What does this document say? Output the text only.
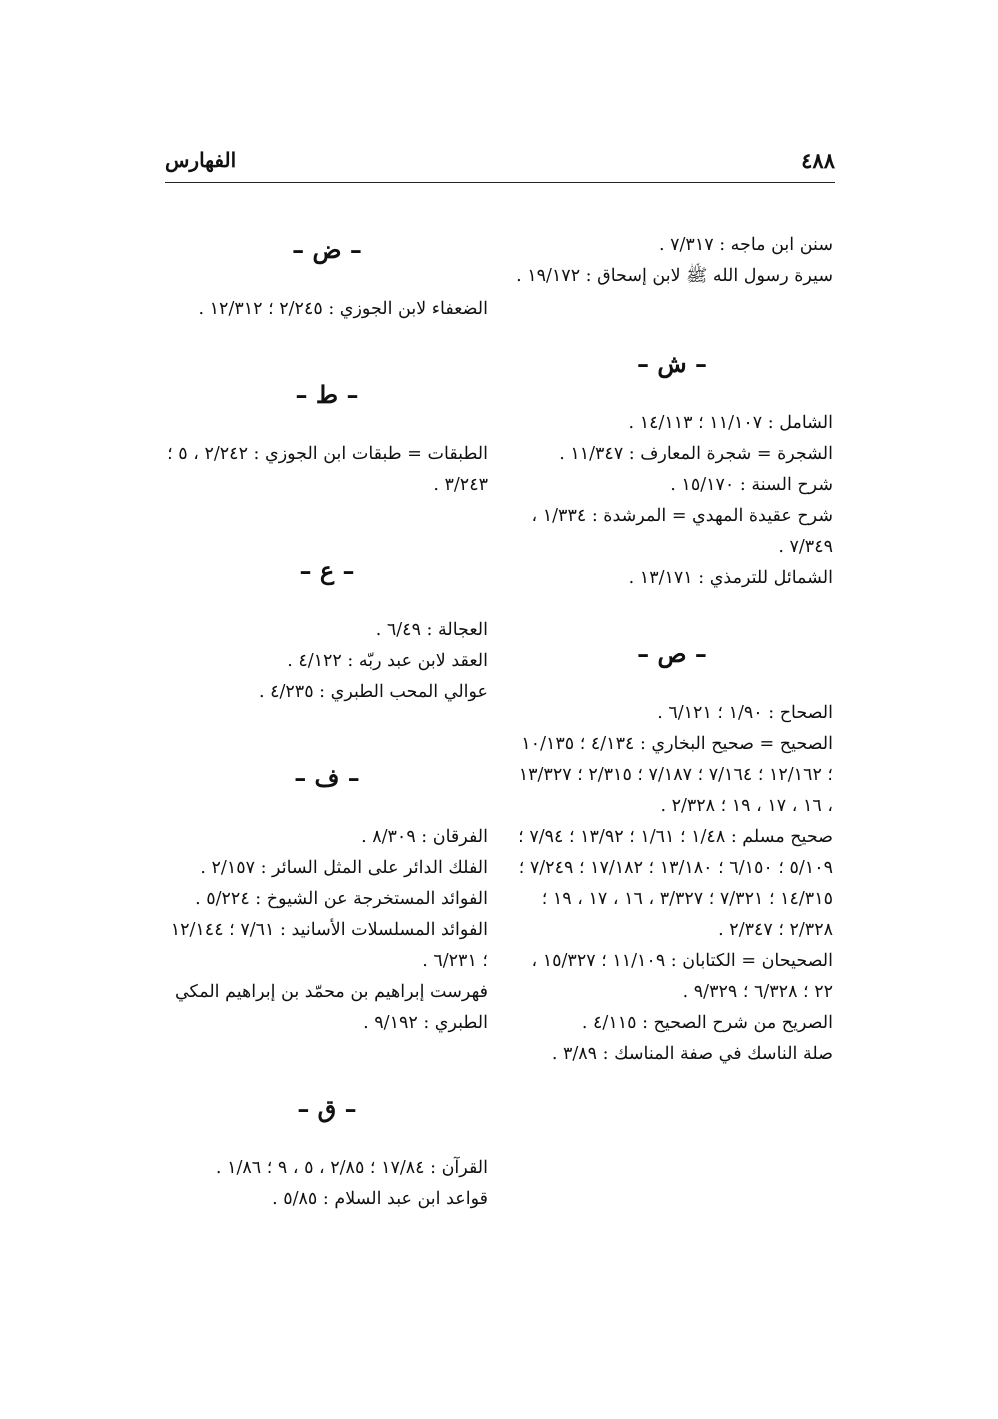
٤٨٨
الفهارس
سنن ابن ماجه : ٧/٣١٧ .
سيرة رسول الله ﷺ لابن إسحاق : ١٩/١٧٢ .
– ش –
الشامل : ١١/١٠٧ ؛ ١٤/١١٣ .
الشجرة = شجرة المعارف : ١١/٣٤٧ .
شرح السنة : ١٥/١٧٠ .
شرح عقيدة المهدي = المرشدة : ١/٣٣٤ ، ٧/٣٤٩ .
الشمائل للترمذي : ١٣/١٧١ .
– ص –
الصحاح : ١/٩٠ ؛ ٦/١٢١ .
الصحيح = صحيح البخاري : ٤/١٣٤ ؛ ١٠/١٣٥ ؛ ١٢/١٦٢ ؛ ٧/١٦٤ ؛ ٧/١٨٧ ؛ ٢/٣١٥ ؛ ١٣/٣٢٧ ، ١٦ ، ١٧ ، ١٩ ؛ ٢/٣٢٨ .
صحيح مسلم : ١/٤٨ ؛ ١/٦١ ؛ ١٣/٩٢ ؛ ٧/٩٤ ؛ ٥/١٠٩ ؛ ٦/١٥٠ ؛ ١٣/١٨٠ ؛ ١٧/١٨٢ ؛ ٧/٢٤٩ ؛ ١٤/٣١٥ ؛ ٧/٣٢١ ؛ ٣/٣٢٧ ، ١٦ ، ١٧ ، ١٩ ؛ ٢/٣٢٨ ؛ ٢/٣٤٧ .
الصحيحان = الكتابان : ١١/١٠٩ ؛ ١٥/٣٢٧ ، ٢٢ ؛ ٦/٣٢٨ ؛ ٩/٣٢٩ .
الصريح من شرح الصحيح : ٤/١١٥ .
صلة الناسك في صفة المناسك : ٣/٨٩ .
– ض –
الضعفاء لابن الجوزي : ٢/٢٤٥ ؛ ١٢/٣١٢ .
– ط –
الطبقات = طبقات ابن الجوزي : ٢/٢٤٢ ، ٥ ؛ ٣/٢٤٣ .
– ع –
العجالة : ٦/٤٩ .
العقد لابن عبد ربّه : ٤/١٢٢ .
عوالي المحب الطبري : ٤/٢٣٥ .
– ف –
الفرقان : ٨/٣٠٩ .
الفلك الدائر على المثل السائر : ٢/١٥٧ .
الفوائد المستخرجة عن الشيوخ : ٥/٢٢٤ .
الفوائد المسلسلات الأسانيد : ٧/٦١ ؛ ١٢/١٤٤ ؛ ٦/٢٣١ .
فهرست إبراهيم بن محمّد بن إبراهيم المكي الطبري : ٩/١٩٢ .
– ق –
القرآن : ١٧/٨٤ ؛ ٢/٨٥ ، ٥ ، ٩ ؛ ١/٨٦ .
قواعد ابن عبد السلام : ٥/٨٥ .
